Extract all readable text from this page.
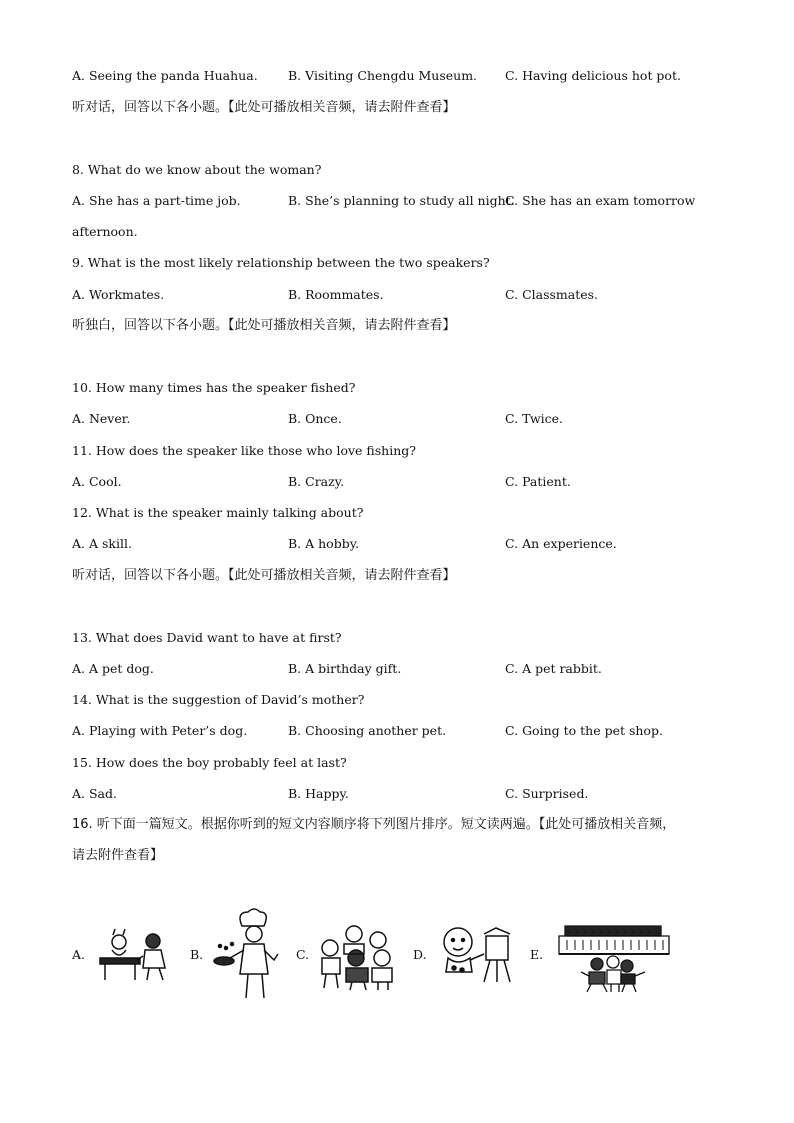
A. Seeing the panda Huahua. B. Visiting Chengdu Museum. C. Having delicious hot pot.
听对话，回答以下各小题。【此处可播放相关音频，请去附件查看】
8. What do we know about the woman?
A. She has a part-time job.	B. She’s planning to study all night.
C. She has an exam tomorrow
afternoon.
9. What is the most likely relationship between the two speakers?
A. Workmates.	B. Roommates.	C. Classmates.
听独白，回答以下各小题。【此处可播放相关音频，请去附件查看】
10. How many times has the speaker fished?
A. Never.	B. Once.	C. Twice.
11. How does the speaker like those who love fishing?
A. Cool.	B. Crazy.	C. Patient.
12. What is the speaker mainly talking about?
A. A skill.	B. A hobby.	C. An experience.
听对话，回答以下各小题。【此处可播放相关音频，请去附件查看】
13. What does David want to have at first?
A. A pet dog.	B. A birthday gift.	C. A pet rabbit.
14. What is the suggestion of David’s mother?
A. Playing with Peter’s dog.	B. Choosing another pet.	C. Going to the pet shop.
15. How does the boy probably feel at last?
A. Sad.	B. Happy.	C. Surprised.
16. 听下面一篇短文。根据你听到的短文内容顺序将下列图片排序。短文读两遍。【此处可播放相关音频，
请去附件查看】
A.	B.	C.	D.	E.
